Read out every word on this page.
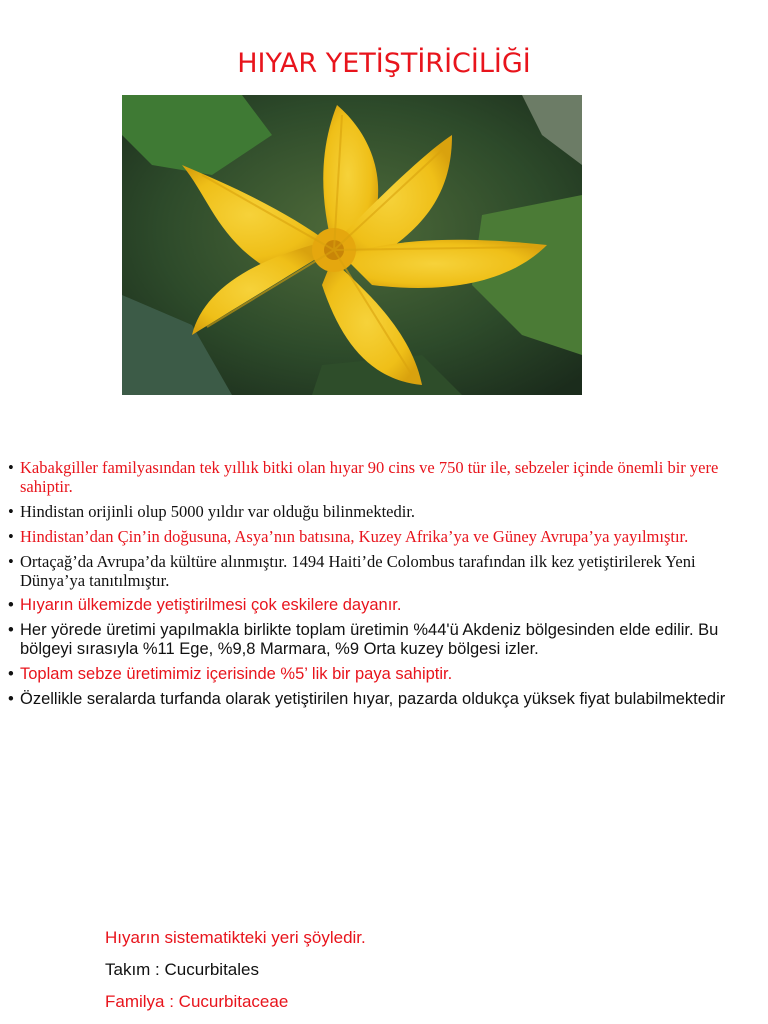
HIYAR YETİŞTİRİCİLİĞİ
• Kabakgiller familyasından tek yıllık bitki olan hıyar 90 cins ve 750 tür ile, sebzeler içinde önemli bir yere sahiptir.
• Hindistan orijinli olup 5000 yıldır var olduğu bilinmektedir.
• Hindistan’dan Çin’in doğusuna, Asya’nın batısına, Kuzey Afrika’ya ve Güney Avrupa’ya yayılmıştır.
• Ortaçağ’da Avrupa’da kültüre alınmıştır. 1494 Haiti’de Colombus tarafından ilk kez yetiştirilerek Yeni Dünya’ya tanıtılmıştır.
• Hıyarın ülkemizde yetiştirilmesi çok eskilere dayanır.
• Her yörede üretimi yapılmakla birlikte toplam üretimin %44'ü Akdeniz bölgesinden elde edilir. Bu bölgeyi sırasıyla %11 Ege, %9,8 Marmara, %9 Orta kuzey bölgesi izler.
• Toplam sebze üretimimiz içerisinde %5’ lik bir paya sahiptir.
• Özellikle seralarda turfanda olarak yetiştirilen hıyar, pazarda oldukça yüksek fiyat bulabilmektedir
Hıyarın sistematikteki yeri şöyledir.
Takım : Cucurbitales
Familya : Cucurbitaceae
